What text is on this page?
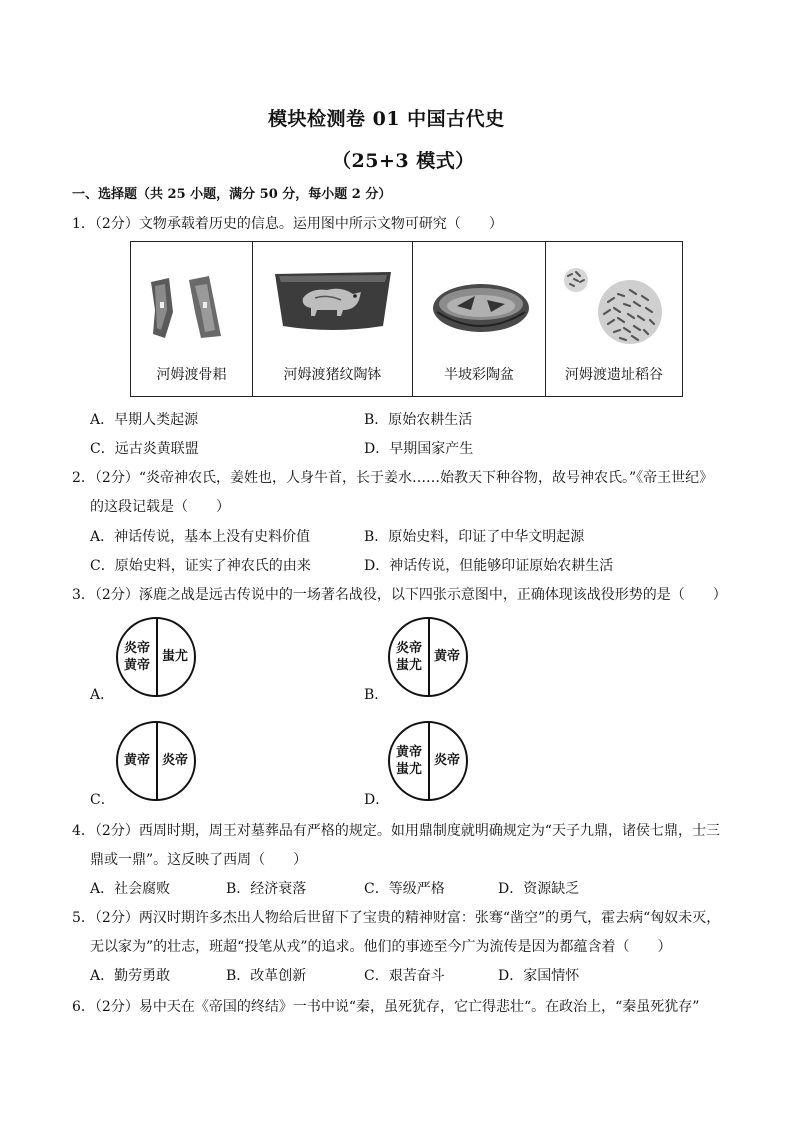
模块检测卷 01 中国古代史
（25+3 模式）
一、选择题（共 25 小题，满分 50 分，每小题 2 分）
1．（2分）文物承载着历史的信息。运用图中所示文物可研究（　　）
河姆渡骨耜	河姆渡猪纹陶钵	半坡彩陶盆	河姆渡遗址稻谷
A．早期人类起源	B．原始农耕生活
C．远古炎黄联盟	D．早期国家产生
2．（2分）“炎帝神农氏，姜姓也，人身牛首，长于姜水……始教天下种谷物，故号神农氏。”《帝王世纪》
的这段记载是（　　）
A．神话传说，基本上没有史料价值	B．原始史料，印证了中华文明起源
C．原始史料，证实了神农氏的由来	D．神话传说，但能够印证原始农耕生活
3．（2分）涿鹿之战是远古传说中的一场著名战役，以下四张示意图中，正确体现该战役形势的是（　　）
炎帝
黄帝
蚩尤
A．
炎帝
蚩尤
黄帝
B．
黄帝 炎帝
C．
黄帝
蚩尤
炎帝
D．
4．（2分）西周时期，周王对墓葬品有严格的规定。如用鼎制度就明确规定为“天子九鼎，诸侯七鼎，士三
鼎或一鼎”。这反映了西周（　　）
A．社会腐败	B．经济衰落	C．等级严格	D．资源缺乏
5．（2分）两汉时期许多杰出人物给后世留下了宝贵的精神财富：张骞“凿空”的勇气，霍去病“匈奴未灭，
无以家为”的壮志，班超“投笔从戎”的追求。他们的事迹至今广为流传是因为都蕴含着（　　）
A．勤劳勇敢	B．改革创新	C．艰苦奋斗	D．家国情怀
6．（2分）易中天在《帝国的终结》一书中说“秦，虽死犹存，它亡得悲壮“。在政治上，“秦虽死犹存”
